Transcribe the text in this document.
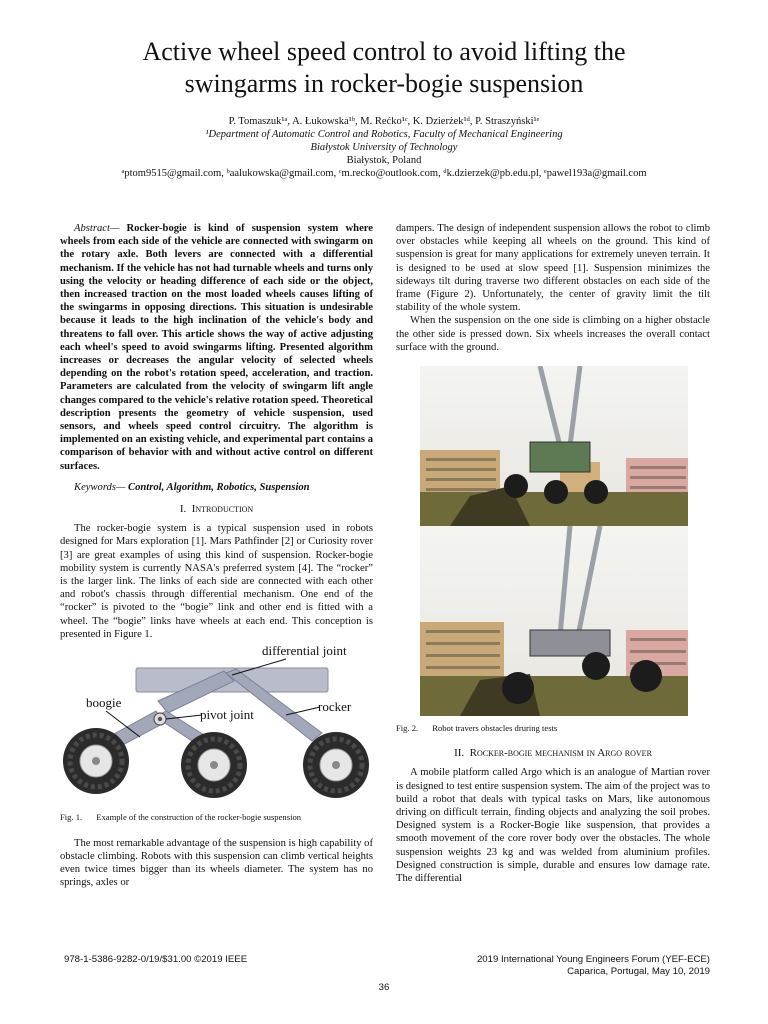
Active wheel speed control to avoid lifting the
swingarms in rocker-bogie suspension
P. Tomaszuk¹ᵃ, A. Łukowska¹ᵇ, M. Rećko¹ᶜ, K. Dzierżek¹ᵈ, P. Straszyński¹ᵉ
¹Department of Automatic Control and Robotics, Faculty of Mechanical Engineering
Białystok University of Technology
Białystok, Poland
ᵃptom9515@gmail.com, ᵇaalukowska@gmail.com, ᶜm.recko@outlook.com, ᵈk.dzierzek@pb.edu.pl, ᵉpawel193a@gmail.com

Abstract— Rocker-bogie is kind of suspension system where wheels from each side of the vehicle are connected with swingarm on the rotary axle. Both levers are connected with a differential mechanism. If the vehicle has not had turnable wheels and turns only using the velocity or heading difference of each side or the object, then increased traction on the most loaded wheels causes lifting of the swingarms in opposing directions. This situation is undesirable because it leads to the high inclination of the vehicle's body and threatens to fall over. This article shows the way of active adjusting each wheel's speed to avoid swingarms lifting. Presented algorithm increases or decreases the angular velocity of selected wheels depending on the robot's rotation speed, acceleration, and traction. Parameters are calculated from the velocity of swingarm lift angle changes compared to the vehicle's relative rotation speed. Theoretical description presents the geometry of vehicle suspension, used sensors, and wheels speed control circuitry. The algorithm is implemented on an existing vehicle, and experimental part contains a comparison of behavior with and without active control on different surfaces.

Keywords— Control, Algorithm, Robotics, Suspension

I. Introduction

The rocker-bogie system is a typical suspension used in robots designed for Mars exploration [1]. Mars Pathfinder [2] or Curiosity rover [3] are great examples of using this kind of suspension. Rocker-bogie mobility system is currently NASA's preferred system [4]. The “rocker” is the larger link. The links of each side are connected with each other and robot's chassis through differential mechanism. One end of the “rocker” is pivoted to the “bogie” link and other end is fitted with a wheel. The “bogie” links have wheels at each end. This conception is presented in Figure 1.

differential joint
boogie
pivot joint
rocker
Fig. 1. Example of the construction of the rocker-bogie suspension

The most remarkable advantage of the suspension is high capability of obstacle climbing. Robots with this suspension can climb vertical heights even twice times bigger than its wheels diameter. The system has no springs, axles or

dampers. The design of independent suspension allows the robot to climb over obstacles while keeping all wheels on the ground. This kind of suspension is great for many applications for extremely uneven terrain. It is designed to be used at slow speed [1]. Suspension minimizes the sideways tilt during traverse two different obstacles on each side of the frame (Figure 2). Unfortunately, the center of gravity limit the tilt stability of the whole system.

When the suspension on the one side is climbing on a higher obstacle the other side is pressed down. Six wheels increases the overall contact surface with the ground.

Fig. 2. Robot travers obstacles druring tests
II. Rocker-bogie mechanism in Argo rover

A mobile platform called Argo which is an analogue of Martian rover is designed to test entire suspension system. The aim of the project was to build a robot that deals with typical tasks on Mars, like autonomous driving on difficult terrain, finding objects and analyzing the soil probes. Designed system is a Rocker-Bogie like suspension, that provides a smooth movement of the core rover body over the obstacles. The whole suspension weights 23 kg and was welded from aluminium profiles. Designed construction is simple, durable and ensures low damage rate. The differential

978-1-5386-9282-0/19/$31.00 ©2019 IEEE	2019 International Young Engineers Forum (YEF-ECE)
Caparica, Portugal, May 10, 2019
36
